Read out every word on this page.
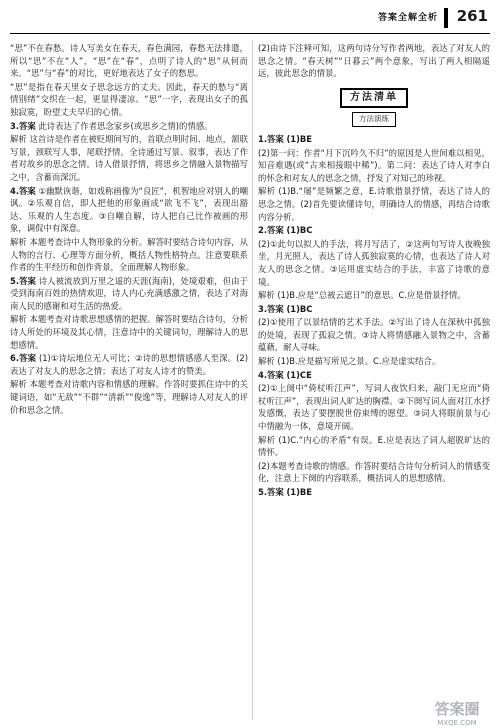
答案全解全析 261

“思”不在春愁。诗人写美女在春天，春色满园，春愁无法排遣，所以“思”不在“人”，“思”在“春”，点明了诗人的“思”从何而来。“思”与“春”的对比，更好地表达了女子的愁思。

“思”是指在春天里女子思念远方的丈夫。因此，春天的愁与“离情别绪”交织在一起，更显得凄凉。“思”一字，表现出女子的孤独寂寞，盼望丈夫早归的心情。

3.答案 此诗表达了作者思念家乡(或思乡之情)的情感。

解析 这首诗是作者在被贬期间写的，首联点明时间、地点，颔联写景，颈联写人事，尾联抒情。全诗通过写景、叙事，表达了作者对故乡的思念之情。诗人借景抒情，将思乡之情融入景物描写之中，含蓄而深沉。

4.答案 ①幽默诙谐，如戏称画像为“良匠”，机智地应对别人的嘲讽。②乐观自信，即人把他的形象画成“欲飞不飞”，表现出豁达、乐观的人生态度。③自嘲自解，诗人把自己比作被画的形象，调侃中有深意。

解析 本题考查诗中人物形象的分析。解答时要结合诗句内容，从人物的言行、心理等方面分析，概括人物性格特点。注意要联系作者的生平经历和创作背景，全面理解人物形象。

5.答案 诗人被流放到万里之遥的天涯(海南)，处境艰难，但由于受到海南百姓的热情欢迎，诗人内心充满感激之情，表达了对海南人民的感谢和对生活的热爱。

解析 本题考查对诗歌思想感情的把握。解答时要结合诗句，分析诗人所处的环境及其心情，注意诗中的关键词句，理解诗人的思想感情。

6.答案 (1)①诗坛地位无人可比；②诗的思想情感感人至深。(2)表达了对友人的思念之情；表达了对友人诗才的赞美。

解析 本题考查对诗歌内容和情感的理解。作答时要抓住诗中的关键词语，如“无敌”“不群”“清新”“俊逸”等，理解诗人对友人的评价和思念之情。

(2)由诗下注释可知，这两句诗分写作者两地，表达了对友人的思念之情。“春天树”“日暮云”两个意象，写出了两人相隔遥远，彼此思念的情景。

方法清单
方法演练

1.答案 (1)BE

(2)第一问：作者“月下沉吟久不归”的原因是人世间难以相见，知音难遇(或“古来相接眼中稀”)。第二问：表达了诗人对李白的怀念和对友人的思念之情，抒发了对知己的珍视。

解析 (1)B.“屡”是频繁之意，E.诗歌借景抒情，表达了诗人的思念之情。(2)首先要读懂诗句，明确诗人的情感，再结合诗歌内容分析。

2.答案 (1)BC

(2)①此句以拟人的手法，将月写活了，②这两句写诗人夜晚独坐，月光照人，表达了诗人孤独寂寞的心情，也表达了诗人对友人的思念之情。③运用虚实结合的手法，丰富了诗歌的意境。

解析 (1)B.应是“总被云遮日”的意思。C.应是借景抒情。

3.答案 (1)BC

(2)①使用了以景结情的艺术手法。②写出了诗人在深秋中孤独的处境，表现了孤寂之情。③诗人将情感融入景物之中，含蓄蕴藉，耐人寻味。

解析 (1)B.应是描写所见之景。C.应是虚实结合。

4.答案 (1)CE

(2)①上阕中“倚杖听江声”，写词人夜饮归来，敲门无应而“倚杖听江声”，表现出词人旷达的胸襟。②下阕写词人面对江水抒发感慨，表达了要摆脱世俗束缚的愿望。③词人将眼前景与心中情融为一体，意境开阔。

解析 (1)C.“内心的矛盾”有误。E.应是表达了词人超脱旷达的情怀。

(2)本题考查诗歌的情感。作答时要结合诗句分析词人的情感变化，注意上下阕的内容联系，概括词人的思想感情。

5.答案 (1)BE

答案圈
MXQE.COM
